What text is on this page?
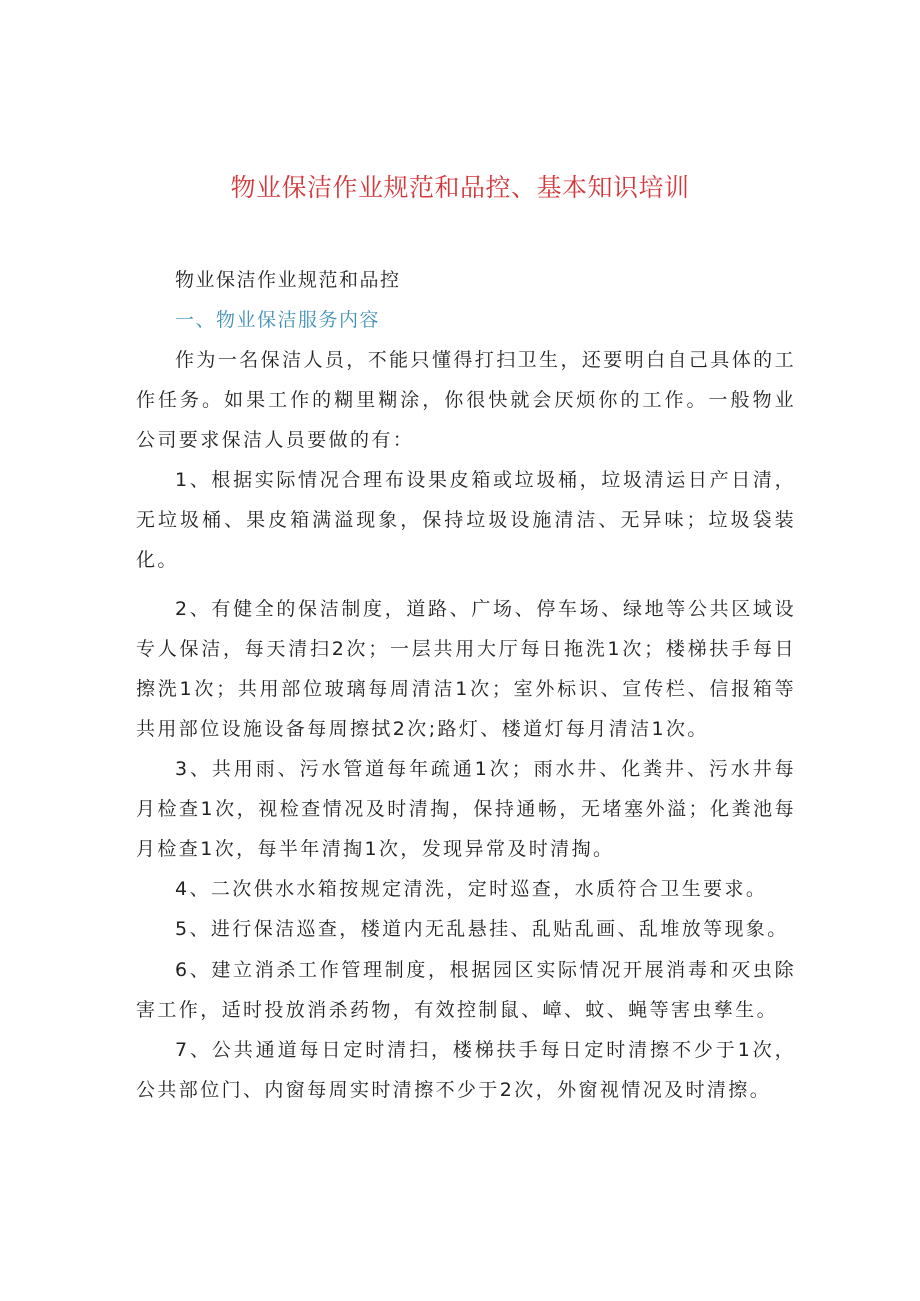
物业保洁作业规范和品控、基本知识培训
物业保洁作业规范和品控
一、物业保洁服务内容

作为一名保洁人员，不能只懂得打扫卫生，还要明白自己具体的工作任务。如果工作的糊里糊涂，你很快就会厌烦你的工作。一般物业公司要求保洁人员要做的有：

1、根据实际情况合理布设果皮箱或垃圾桶，垃圾清运日产日清，无垃圾桶、果皮箱满溢现象，保持垃圾设施清洁、无异味；垃圾袋装化。

2、有健全的保洁制度，道路、广场、停车场、绿地等公共区域设专人保洁，每天清扫2次；一层共用大厅每日拖洗1次；楼梯扶手每日擦洗1次；共用部位玻璃每周清洁1次；室外标识、宣传栏、信报箱等共用部位设施设备每周擦拭2次;路灯、楼道灯每月清洁1次。

3、共用雨、污水管道每年疏通1次；雨水井、化粪井、污水井每月检查1次，视检查情况及时清掏，保持通畅，无堵塞外溢；化粪池每月检查1次，每半年清掏1次，发现异常及时清掏。

4、二次供水水箱按规定清洗，定时巡查，水质符合卫生要求。

5、进行保洁巡查，楼道内无乱悬挂、乱贴乱画、乱堆放等现象。

6、建立消杀工作管理制度，根据园区实际情况开展消毒和灭虫除害工作，适时投放消杀药物，有效控制鼠、嶂、蚊、蝇等害虫孳生。

7、公共通道每日定时清扫，楼梯扶手每日定时清擦不少于1次，公共部位门、内窗每周实时清擦不少于2次，外窗视情况及时清擦。
